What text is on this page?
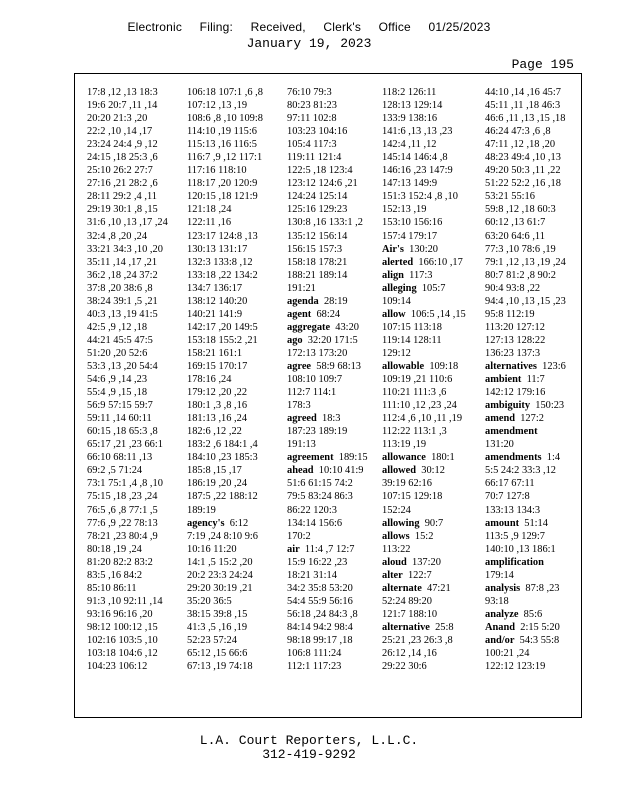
Electronic Filing: Received, Clerk's Office 01/25/2023
January 19, 2023
Page 195
17:8 ,12 ,13 18:3
19:6 20:7 ,11 ,14
20:20 21:3 ,20
22:2 ,10 ,14 ,17
23:24 24:4 ,9 ,12
24:15 ,18 25:3 ,6
25:10 26:2 27:7
27:16 ,21 28:2 ,6
28:11 29:2 ,4 ,11
29:19 30:1 ,8 ,15
31:6 ,10 ,13 ,17 ,24
32:4 ,8 ,20 ,24
33:21 34:3 ,10 ,20
35:11 ,14 ,17 ,21
36:2 ,18 ,24 37:2
37:8 ,20 38:6 ,8
38:24 39:1 ,5 ,21
40:3 ,13 ,19 41:5
42:5 ,9 ,12 ,18
44:21 45:5 47:5
51:20 ,20 52:6
53:3 ,13 ,20 54:4
54:6 ,9 ,14 ,23
55:4 ,9 ,15 ,18
56:9 57:15 59:7
59:11 ,14 60:11
60:15 ,18 65:3 ,8
65:17 ,21 ,23 66:1
66:10 68:11 ,13
69:2 ,5 71:24
73:1 75:1 ,4 ,8 ,10
75:15 ,18 ,23 ,24
76:5 ,6 ,8 77:1 ,5
77:6 ,9 ,22 78:13
78:21 ,23 80:4 ,9
80:18 ,19 ,24
81:20 82:2 83:2
83:5 ,16 84:2
85:10 86:11
91:3 ,10 92:11 ,14
93:16 96:16 ,20
98:12 100:12 ,15
102:16 103:5 ,10
103:18 104:6 ,12
104:23 106:12
106:18 107:1 ,6 ,8
107:12 ,13 ,19
108:6 ,8 ,10 109:8
114:10 ,19 115:6
115:13 ,16 116:5
116:7 ,9 ,12 117:1
117:16 118:10
118:17 ,20 120:9
120:15 ,18 121:9
121:18 ,24
122:11 ,16
123:17 124:8 ,13
130:13 131:17
132:3 133:8 ,12
133:18 ,22 134:2
134:7 136:17
138:12 140:20
140:21 141:9
142:17 ,20 149:5
153:18 155:2 ,21
158:21 161:1
169:15 170:17
178:16 ,24
179:12 ,20 ,22
180:1 ,3 ,8 ,16
181:13 ,16 ,24
182:6 ,12 ,22
183:2 ,6 184:1 ,4
184:10 ,23 185:3
185:8 ,15 ,17
186:19 ,20 ,24
187:5 ,22 188:12
189:19
agency's  6:12
7:19 ,24 8:10 9:6
10:16 11:20
14:1 ,5 15:2 ,20
20:2 23:3 24:24
29:20 30:19 ,21
35:20 36:5
38:15 39:8 ,15
41:3 ,5 ,16 ,19
52:23 57:24
65:12 ,15 66:6
67:13 ,19 74:18
76:10 79:3
80:23 81:23
97:11 102:8
103:23 104:16
105:4 117:3
119:11 121:4
122:5 ,18 123:4
123:12 124:6 ,21
124:24 125:14
125:16 129:23
130:8 ,16 133:1 ,2
135:12 156:14
156:15 157:3
158:18 178:21
188:21 189:14
191:21
agenda  28:19
agent  68:24
aggregate  43:20
ago  32:20 171:5
172:13 173:20
agree  58:9 68:13
108:10 109:7
112:7 114:1
178:3
agreed  18:3
187:23 189:19
191:13
agreement  189:15
ahead  10:10 41:9
51:6 61:15 74:2
79:5 83:24 86:3
86:22 120:3
134:14 156:6
170:2
air  11:4 ,7 12:7
15:9 16:22 ,23
18:21 31:14
34:2 35:8 53:20
54:4 55:9 56:16
56:18 ,24 84:3 ,8
84:14 94:2 98:4
98:18 99:17 ,18
106:8 111:24
112:1 117:23
118:2 126:11
128:13 129:14
133:9 138:16
141:6 ,13 ,13 ,23
142:4 ,11 ,12
145:14 146:4 ,8
146:16 ,23 147:9
147:13 149:9
151:3 152:4 ,8 ,10
152:13 ,19
153:10 156:16
157:4 179:17
Air's  130:20
alerted  166:10 ,17
align  117:3
alleging  105:7
109:14
allow  106:5 ,14 ,15
107:15 113:18
119:14 128:11
129:12
allowable  109:18
109:19 ,21 110:6
110:21 111:3 ,6
111:10 ,12 ,23 ,24
112:4 ,6 ,10 ,11 ,19
112:22 113:1 ,3
113:19 ,19
allowance  180:1
allowed  30:12
39:19 62:16
107:15 129:18
152:24
allowing  90:7
allows  15:2
113:22
aloud  137:20
alter  122:7
alternate  47:21
52:24 89:20
121:7 188:10
alternative  25:8
25:21 ,23 26:3 ,8
26:12 ,14 ,16
29:22 30:6
44:10 ,14 ,16 45:7
45:11 ,11 ,18 46:3
46:6 ,11 ,13 ,15 ,18
46:24 47:3 ,6 ,8
47:11 ,12 ,18 ,20
48:23 49:4 ,10 ,13
49:20 50:3 ,11 ,22
51:22 52:2 ,16 ,18
53:21 55:16
59:8 ,12 ,18 60:3
60:12 ,13 61:7
63:20 64:6 ,11
77:3 ,10 78:6 ,19
79:1 ,12 ,13 ,19 ,24
80:7 81:2 ,8 90:2
90:4 93:8 ,22
94:4 ,10 ,13 ,15 ,23
95:8 112:19
113:20 127:12
127:13 128:22
136:23 137:3
alternatives  123:6
ambient  11:7
142:12 179:16
ambiguity  150:23
amend  127:2
amendment
131:20
amendments  1:4
5:5 24:2 33:3 ,12
66:17 67:11
70:7 127:8
133:13 134:3
amount  51:14
113:5 ,9 129:7
140:10 ,13 186:1
amplification
179:14
analysis  87:8 ,23
93:18
analyze  85:6
Anand  2:15 5:20
and/or  54:3 55:8
100:21 ,24
122:12 123:19
L.A. Court Reporters, L.L.C.
312-419-9292
